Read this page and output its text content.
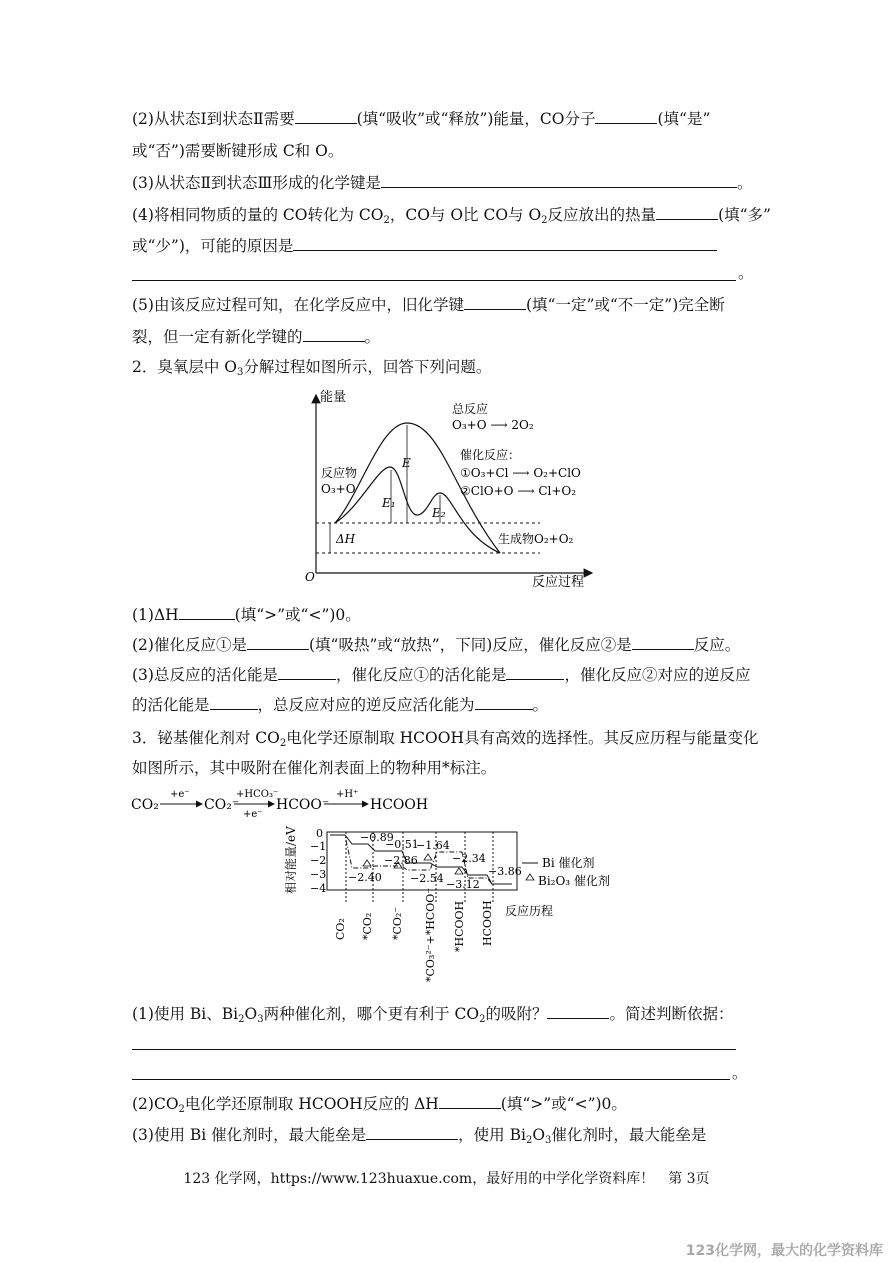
(2)从状态Ⅰ到状态Ⅱ需要	(填“吸收”或“释放”)能量，CO分子	(填“是”
或“否”)需要断键形成 C和 O。
(3)从状态Ⅱ到状态Ⅲ形成的化学键是	。
(4)将相同物质的量的 CO转化为 $CO_2$，CO与 O比 CO与 $O_2$反应放出的热量	(填“多”
或“少”)，可能的原因是
。
(5)由该反应过程可知，在化学反应中，旧化学键	(填“一定”或“不一定”)完全断
裂，但一定有新化学键的	。
2．臭氧层中 $O_3$分解过程如图所示，回答下列问题。
能量
反应过程
O
E
E₁
E₂
ΔH
反应物
O₃+O
生成物O₂+O₂
总反应
O₃+O ⟶ 2O₂
催化反应：
①O₃+Cl ⟶ O₂+ClO
②ClO+O ⟶ Cl+O₂
(1)ΔH	(填“>”或“<”)0。
(2)催化反应①是	(填“吸热”或“放热”，下同)反应，催化反应②是	反应。
(3)总反应的活化能是	，催化反应①的活化能是	，催化反应②对应的逆反应
的活化能是	，总反应对应的逆反应活化能为	。
3．铋基催化剂对 $CO_2$电化学还原制取 HCOOH具有高效的选择性。其反应历程与能量变化
如图所示，其中吸附在催化剂表面上的物种用*标注。
CO₂
+e⁻
CO₂⁻
+HCO₃⁻
+e⁻
HCOO⁻
+H⁺
HCOOH
相对能量/eV 0
−1
−2
−3
−4
−0.89
−0.51
−1.64
−2.34
−2.86
−2.40	−2.54 −3.12
−3.86
CO₂ *CO₂ *CO₂⁻ *CO₃²⁻+*HCOO⁻ *HCOOH HCOOH 反应历程
Bi 催化剂
Bi₂O₃ 催化剂
(1)使用 Bi、$Bi_2O_3$两种催化剂，哪个更有利于 $CO_2$的吸附？	。简述判断依据：
。
$(2)CO_2$电化学还原制取 HCOOH反应的 ΔH	(填“>”或“<”)0。
(3)使用 Bi 催化剂时，最大能垒是	，使用 $Bi_2O_3$催化剂时，最大能垒是
123 化学网，https://www.123huaxue.com，最好用的中学化学资料库！　第 3页
123化学网，最大的化学资料库
